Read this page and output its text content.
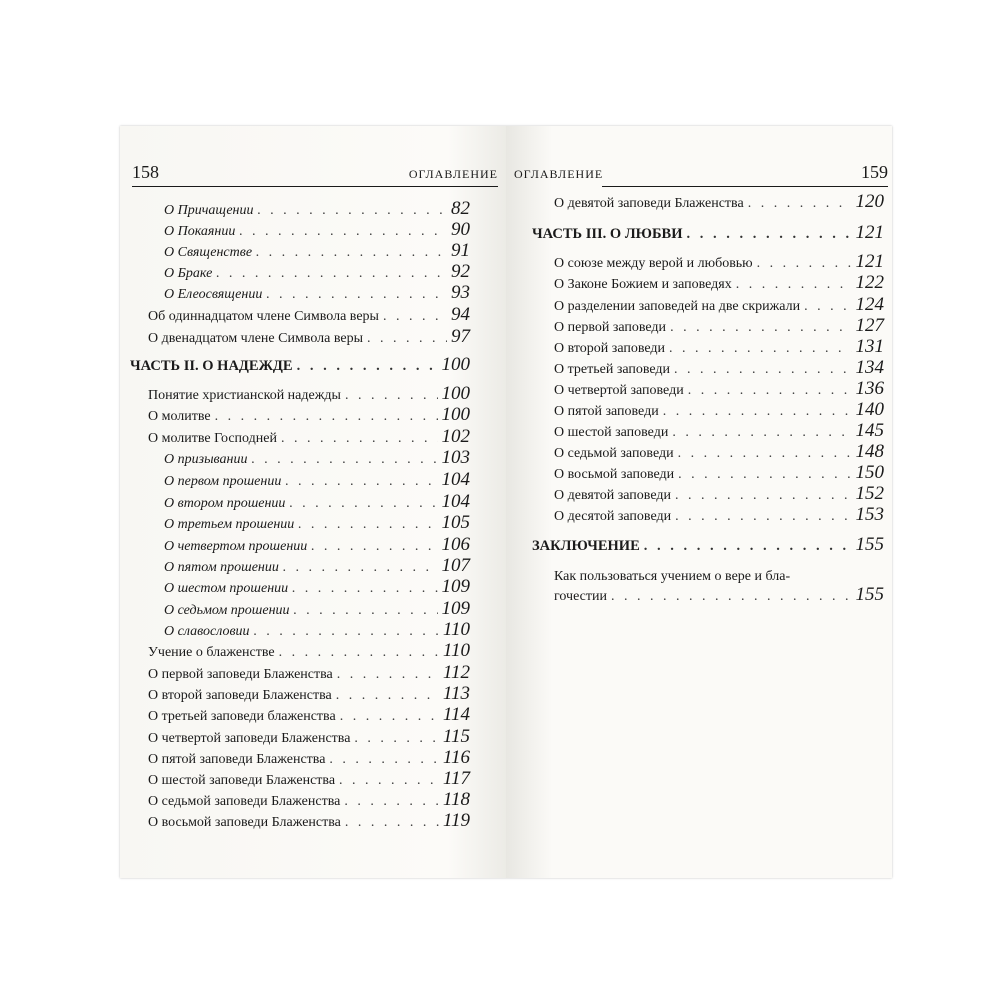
158	ОГЛАВЛЕНИЕ
О Причащении . . .	82
О Покаянии . . .	90
О Священстве . . .	91
О Браке . . .	92
О Елеосвящении . . .	93
Об одиннадцатом члене Символа веры . . .	94
О двенадцатом члене Символа веры . . .	97
ЧАСТЬ II. О НАДЕЖДЕ . . .	100
Понятие христианской надежды . . .	100
О молитве . . .	100
О молитве Господней . . .	102
О призывании . . .	103
О первом прошении . . .	104
О втором прошении . . .	104
О третьем прошении . . .	105
О четвертом прошении . . .	106
О пятом прошении . . .	107
О шестом прошении . . .	109
О седьмом прошении . . .	109
О славословии . . .	110
Учение о блаженстве . . .	110
О первой заповеди Блаженства . . .	112
О второй заповеди Блаженства . . .	113
О третьей заповеди блаженства . . .	114
О четвертой заповеди Блаженства . . .	115
О пятой заповеди Блаженства . . .	116
О шестой заповеди Блаженства . . .	117
О седьмой заповеди Блаженства . . .	118
О восьмой заповеди Блаженства . . .	119
159
ОГЛАВЛЕНИЕ
О девятой заповеди Блаженства . . .	120
ЧАСТЬ III. О ЛЮБВИ . . .	121
О союзе между верой и любовью . . .	121
О Законе Божием и заповедях . . .	122
О разделении заповедей на две скрижали . . .	124
О первой заповеди . . .	127
О второй заповеди . . .	131
О третьей заповеди . . .	134
О четвертой заповеди . . .	136
О пятой заповеди . . .	140
О шестой заповеди . . .	145
О седьмой заповеди . . .	148
О восьмой заповеди . . .	150
О девятой заповеди . . .	152
О десятой заповеди . . .	153
ЗАКЛЮЧЕНИЕ . . .	155
Как пользоваться учением о вере и бла-
гочестии . . .	155
